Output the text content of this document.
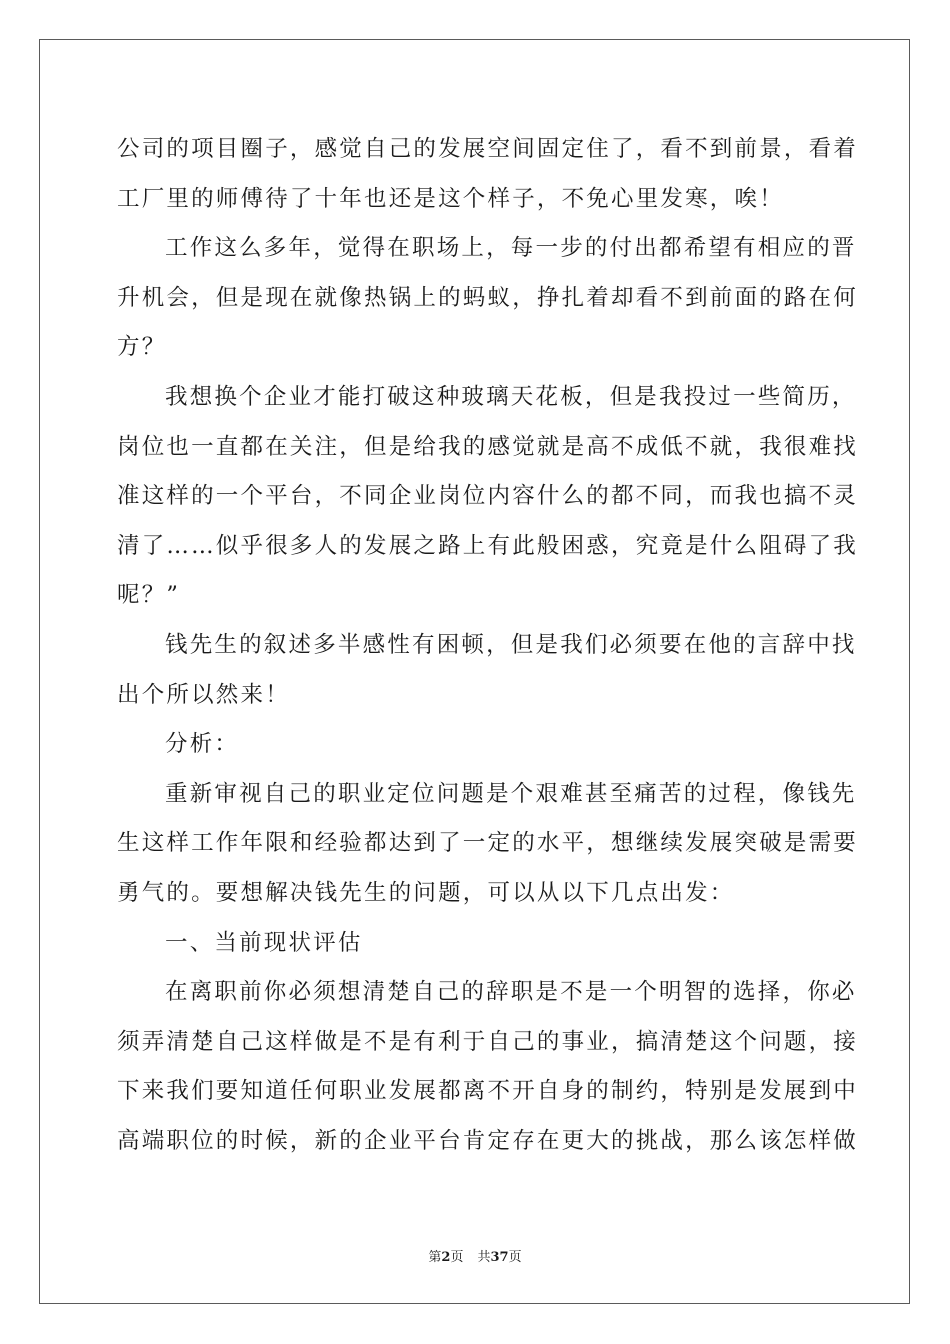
公司的项目圈子，感觉自己的发展空间固定住了，看不到前景，看着
工厂里的师傅待了十年也还是这个样子，不免心里发寒，唉！
工作这么多年，觉得在职场上，每一步的付出都希望有相应的晋
升机会，但是现在就像热锅上的蚂蚁，挣扎着却看不到前面的路在何
方？
我想换个企业才能打破这种玻璃天花板，但是我投过一些简历，
岗位也一直都在关注，但是给我的感觉就是高不成低不就，我很难找
准这样的一个平台，不同企业岗位内容什么的都不同，而我也搞不灵
清了……似乎很多人的发展之路上有此般困惑，究竟是什么阻碍了我
呢？”
钱先生的叙述多半感性有困顿，但是我们必须要在他的言辞中找
出个所以然来！
分析：
重新审视自己的职业定位问题是个艰难甚至痛苦的过程，像钱先
生这样工作年限和经验都达到了一定的水平，想继续发展突破是需要
勇气的。要想解决钱先生的问题，可以从以下几点出发：
一、当前现状评估
在离职前你必须想清楚自己的辞职是不是一个明智的选择，你必
须弄清楚自己这样做是不是有利于自己的事业，搞清楚这个问题，接
下来我们要知道任何职业发展都离不开自身的制约，特别是发展到中
高端职位的时候，新的企业平台肯定存在更大的挑战，那么该怎样做
第2页 共37页
